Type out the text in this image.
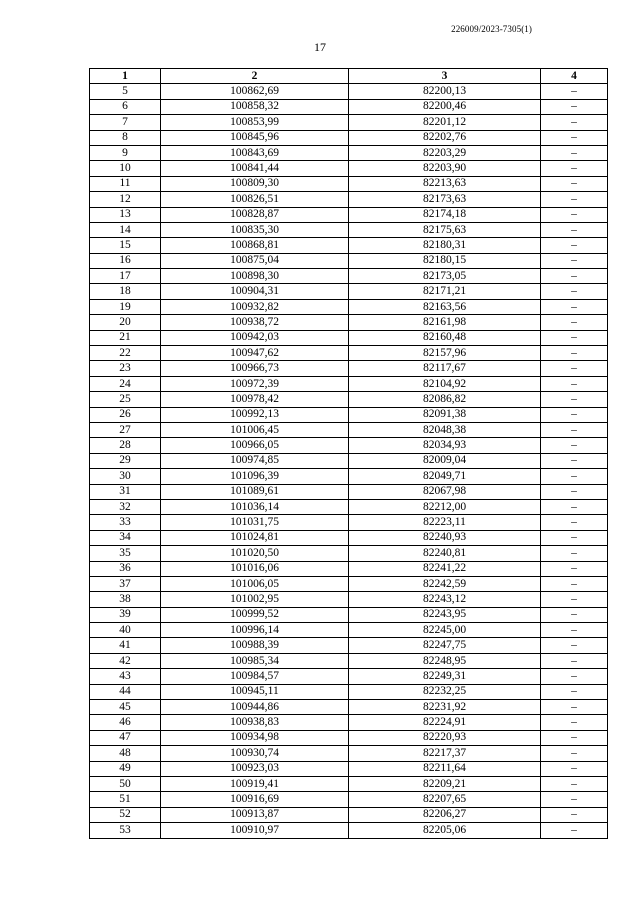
226009/2023-7305(1)
17
1	2	3	4
5	100862,69	82200,13	–
6	100858,32	82200,46	–
7	100853,99	82201,12	–
8	100845,96	82202,76	–
9	100843,69	82203,29	–
10	100841,44	82203,90	–
11	100809,30	82213,63	–
12	100826,51	82173,63	–
13	100828,87	82174,18	–
14	100835,30	82175,63	–
15	100868,81	82180,31	–
16	100875,04	82180,15	–
17	100898,30	82173,05	–
18	100904,31	82171,21	–
19	100932,82	82163,56	–
20	100938,72	82161,98	–
21	100942,03	82160,48	–
22	100947,62	82157,96	–
23	100966,73	82117,67	–
24	100972,39	82104,92	–
25	100978,42	82086,82	–
26	100992,13	82091,38	–
27	101006,45	82048,38	–
28	100966,05	82034,93	–
29	100974,85	82009,04	–
30	101096,39	82049,71	–
31	101089,61	82067,98	–
32	101036,14	82212,00	–
33	101031,75	82223,11	–
34	101024,81	82240,93	–
35	101020,50	82240,81	–
36	101016,06	82241,22	–
37	101006,05	82242,59	–
38	101002,95	82243,12	–
39	100999,52	82243,95	–
40	100996,14	82245,00	–
41	100988,39	82247,75	–
42	100985,34	82248,95	–
43	100984,57	82249,31	–
44	100945,11	82232,25	–
45	100944,86	82231,92	–
46	100938,83	82224,91	–
47	100934,98	82220,93	–
48	100930,74	82217,37	–
49	100923,03	82211,64	–
50	100919,41	82209,21	–
51	100916,69	82207,65	–
52	100913,87	82206,27	–
53	100910,97	82205,06	–
